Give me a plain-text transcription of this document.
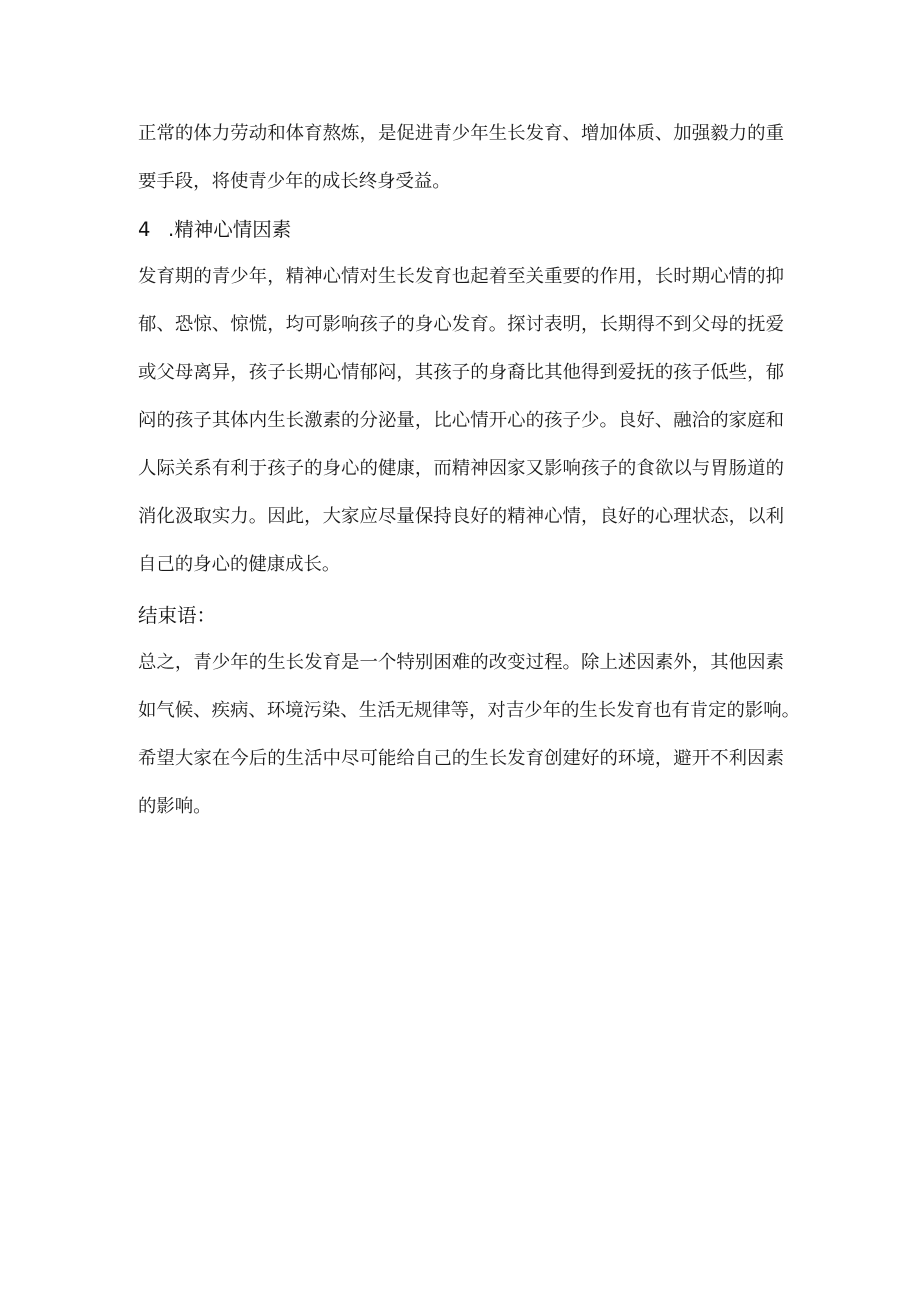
正常的体力劳动和体育熬炼，是促进青少年生长发育、增加体质、加强毅力的重
要手段，将使青少年的成长终身受益。
4 .精神心情因素
发育期的青少年，精神心情对生长发育也起着至关重要的作用，长时期心情的抑
郁、恐惊、惊慌，均可影响孩子的身心发育。探讨表明，长期得不到父母的抚爱
或父母离异，孩子长期心情郁闷，其孩子的身裔比其他得到爱抚的孩子低些，郁
闷的孩子其体内生长激素的分泌量，比心情开心的孩子少。良好、融洽的家庭和
人际关系有利于孩子的身心的健康，而精神因家又影响孩子的食欲以与胃肠道的
消化汲取实力。因此，大家应尽量保持良好的精神心情，良好的心理状态，以利
自己的身心的健康成长。
结束语：
总之，青少年的生长发育是一个特别困难的改变过程。除上述因素外，其他因素
如气候、疾病、环境污染、生活无规律等，对吉少年的生长发育也有肯定的影响。
希望大家在今后的生活中尽可能给自己的生长发育创建好的环境，避开不利因素
的影响。
